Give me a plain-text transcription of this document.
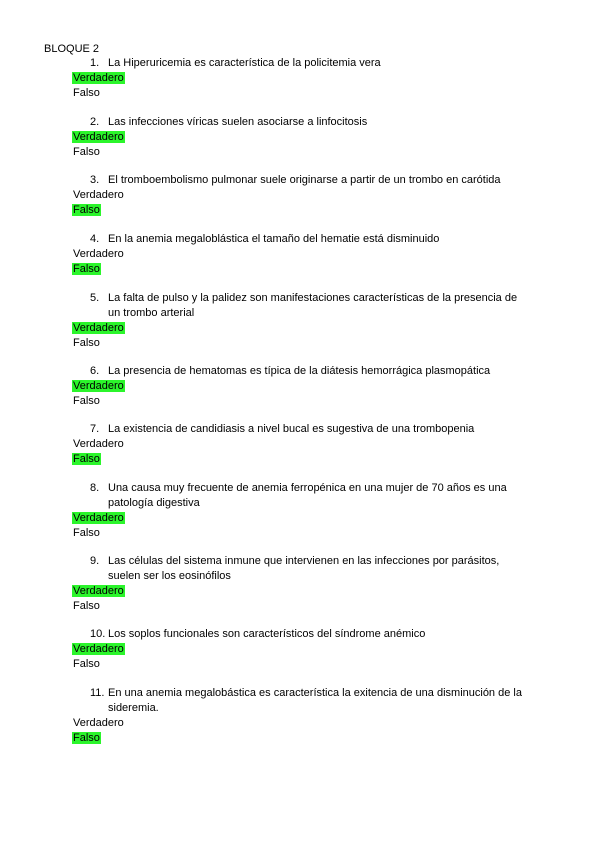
BLOQUE 2
1. La Hiperuricemia es característica de la policitemia vera
Verdadero
Falso
2. Las infecciones víricas suelen asociarse a linfocitosis
Verdadero
Falso
3. El tromboembolismo pulmonar suele originarse a partir de un trombo en carótida
Verdadero
Falso
4. En la anemia megaloblástica el tamaño del hematie está disminuido
Verdadero
Falso
5. La falta de pulso y la palidez son manifestaciones características de la presencia de un trombo arterial
Verdadero
Falso
6. La presencia de hematomas es típica de la diátesis hemorrágica plasmopática
Verdadero
Falso
7. La existencia de candidiasis a nivel bucal es sugestiva de una trombopenia
Verdadero
Falso
8. Una causa muy frecuente de anemia ferropénica en una mujer de 70 años es una patología digestiva
Verdadero
Falso
9. Las células del sistema inmune que intervienen en las infecciones por parásitos, suelen ser los eosinófilos
Verdadero
Falso
10. Los soplos funcionales son característicos del síndrome anémico
Verdadero
Falso
11. En una anemia megalobástica es característica la exitencia de una disminución de la sideremia.
Verdadero
Falso
